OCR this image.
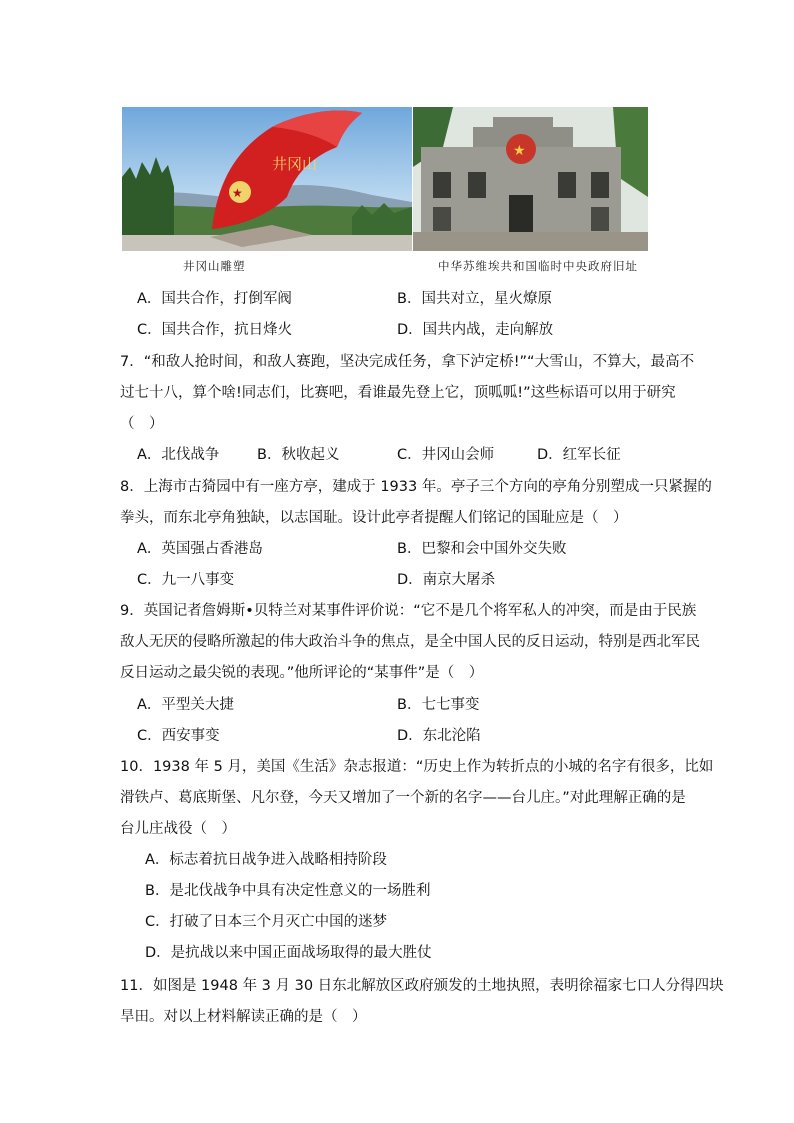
★
井冈山
★
井冈山雕塑	中华苏维埃共和国临时中央政府旧址
A．国共合作，打倒军阀	B．国共对立，星火燎原
C．国共合作，抗日烽火	D．国共内战，走向解放
7．“和敌人抢时间，和敌人赛跑，坚决完成任务，拿下泸定桥!”“大雪山，不算大，最高不
过七十八，算个啥!同志们，比赛吧，看谁最先登上它，顶呱呱!”这些标语可以用于研究
（　）
A．北伐战争	B．秋收起义	C．井冈山会师	D．红军长征
8．上海市古猗园中有一座方亭，建成于 1933 年。亭子三个方向的亭角分别塑成一只紧握的
拳头，而东北亭角独缺，以志国耻。设计此亭者提醒人们铭记的国耻应是（　）
A．英国强占香港岛	B．巴黎和会中国外交失败
C．九一八事变	D．南京大屠杀
9．英国记者詹姆斯•贝特兰对某事件评价说：“它不是几个将军私人的冲突，而是由于民族
敌人无厌的侵略所激起的伟大政治斗争的焦点，是全中国人民的反日运动，特别是西北军民
反日运动之最尖锐的表现。”他所评论的“某事件”是（　）
A．平型关大捷	B．七七事变
C．西安事变	D．东北沦陷
10．1938 年 5 月，美国《生活》杂志报道：“历史上作为转折点的小城的名字有很多，比如
滑铁卢、葛底斯堡、凡尔登，今天又增加了一个新的名字——台儿庄。”对此理解正确的是
台儿庄战役（　）
A．标志着抗日战争进入战略相持阶段
B．是北伐战争中具有决定性意义的一场胜利
C．打破了日本三个月灭亡中国的迷梦
D．是抗战以来中国正面战场取得的最大胜仗
11．如图是 1948 年 3 月 30 日东北解放区政府颁发的土地执照，表明徐福家七口人分得四块
旱田。对以上材料解读正确的是（　）
